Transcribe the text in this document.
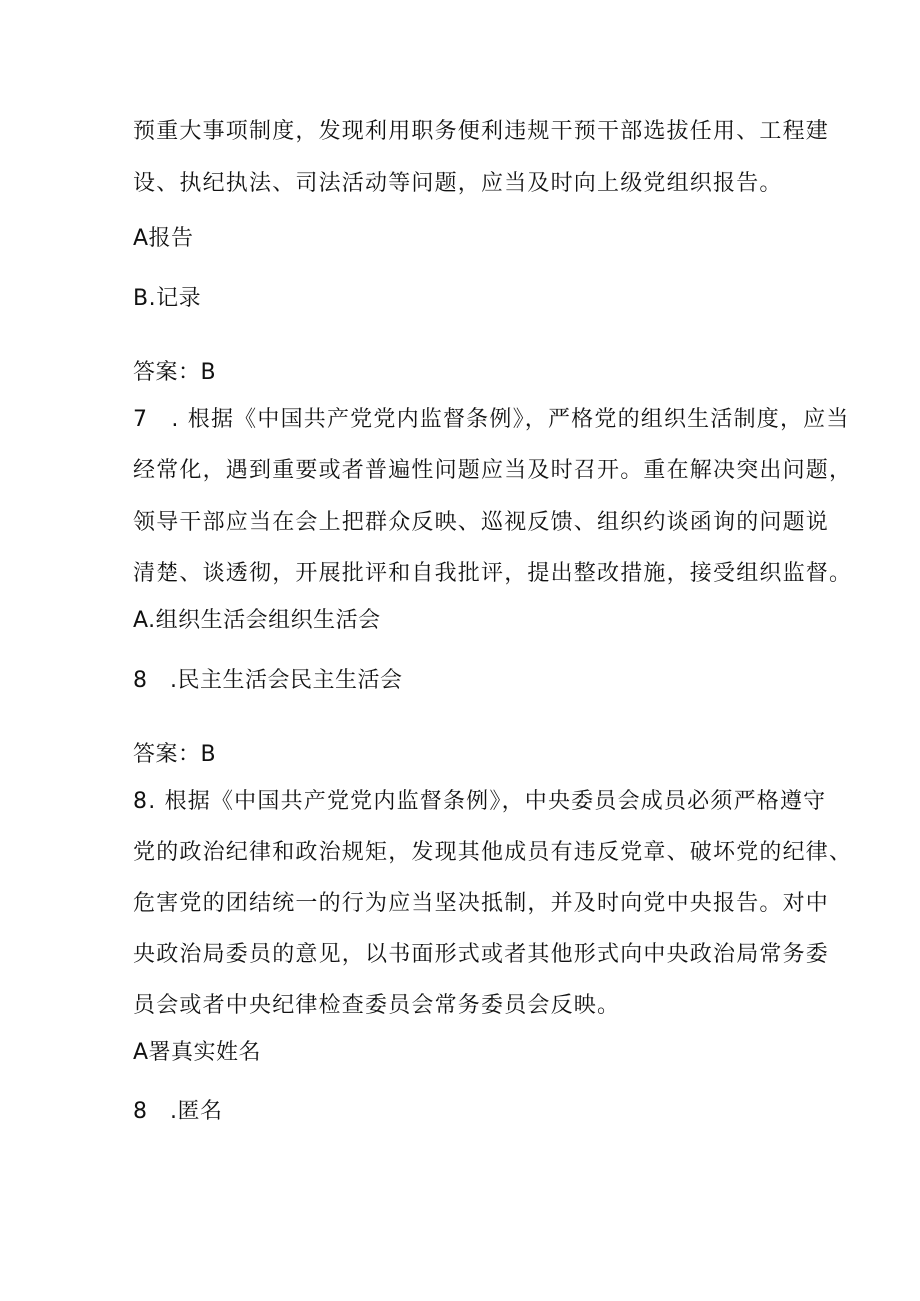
预重大事项制度，发现利用职务便利违规干预干部选拔任用、工程建
设、执纪执法、司法活动等问题，应当及时向上级党组织报告。
A报告
B.记录
答案：B
7　. 根据《中国共产党党内监督条例》，严格党的组织生活制度，应当
经常化，遇到重要或者普遍性问题应当及时召开。重在解决突出问题，
领导干部应当在会上把群众反映、巡视反馈、组织约谈函询的问题说
清楚、谈透彻，开展批评和自我批评，提出整改措施，接受组织监督。
A.组织生活会组织生活会
8　.民主生活会民主生活会
答案：B
8. 根据《中国共产党党内监督条例》，中央委员会成员必须严格遵守
党的政治纪律和政治规矩，发现其他成员有违反党章、破坏党的纪律、
危害党的团结统一的行为应当坚决抵制，并及时向党中央报告。对中
央政治局委员的意见，以书面形式或者其他形式向中央政治局常务委
员会或者中央纪律检查委员会常务委员会反映。
A署真实姓名
8　.匿名
